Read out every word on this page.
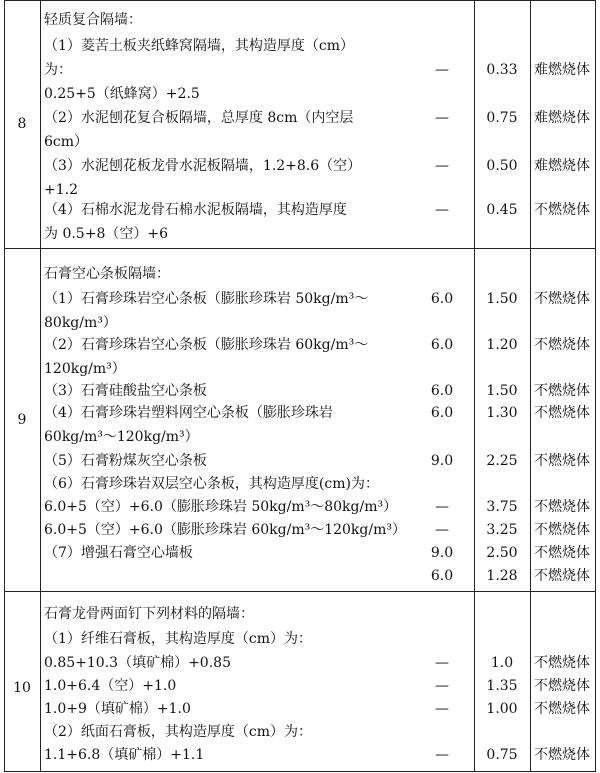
8
轻质复合隔墙：
（1）菱苦土板夹纸蜂窝隔墙，其构造厚度（cm）
为：
0.25+5（纸蜂窝）+2.5
—	0.33	难燃烧体
（2）水泥刨花复合板隔墙，总厚度 8cm（内空层
6cm）
—	0.75	难燃烧体
（3）水泥刨花板龙骨水泥板隔墙，1.2+8.6（空）
+1.2
—	0.50	难燃烧体
（4）石棉水泥龙骨石棉水泥板隔墙，其构造厚度
为 0.5+8（空）+6
—	0.45	不燃烧体
9
石膏空心条板隔墙：
（1）石膏珍珠岩空心条板（膨胀珍珠岩 50kg/m³～
80kg/m³）
6.0	1.50	不燃烧体
（2）石膏珍珠岩空心条板（膨胀珍珠岩 60kg/m³～
120kg/m³）
6.0	1.20	不燃烧体
（3）石膏硅酸盐空心条板	6.0	1.50	不燃烧体
（4）石膏珍珠岩塑料网空心条板（膨胀珍珠岩
60kg/m³～120kg/m³）
6.0	1.30	不燃烧体
（5）石膏粉煤灰空心条板	9.0	2.25	不燃烧体
（6）石膏珍珠岩双层空心条板，其构造厚度(cm)为：
6.0+5（空）+6.0（膨胀珍珠岩 50kg/m³～80kg/m³）	—	3.75	不燃烧体
6.0+5（空）+6.0（膨胀珍珠岩 60kg/m³～120kg/m³）	—	3.25	不燃烧体
（7）增强石膏空心墙板	9.0	2.50	不燃烧体
6.0	1.28	不燃烧体
10
石膏龙骨两面钉下列材料的隔墙：
（1）纤维石膏板，其构造厚度（cm）为：
0.85+10.3（填矿棉）+0.85	—	1.0	不燃烧体
1.0+6.4（空）+1.0	—	1.35	不燃烧体
1.0+9（填矿棉）+1.0	—	1.00	不燃烧体
（2）纸面石膏板，其构造厚度（cm）为：
1.1+6.8（填矿棉）+1.1	—	0.75	不燃烧体
